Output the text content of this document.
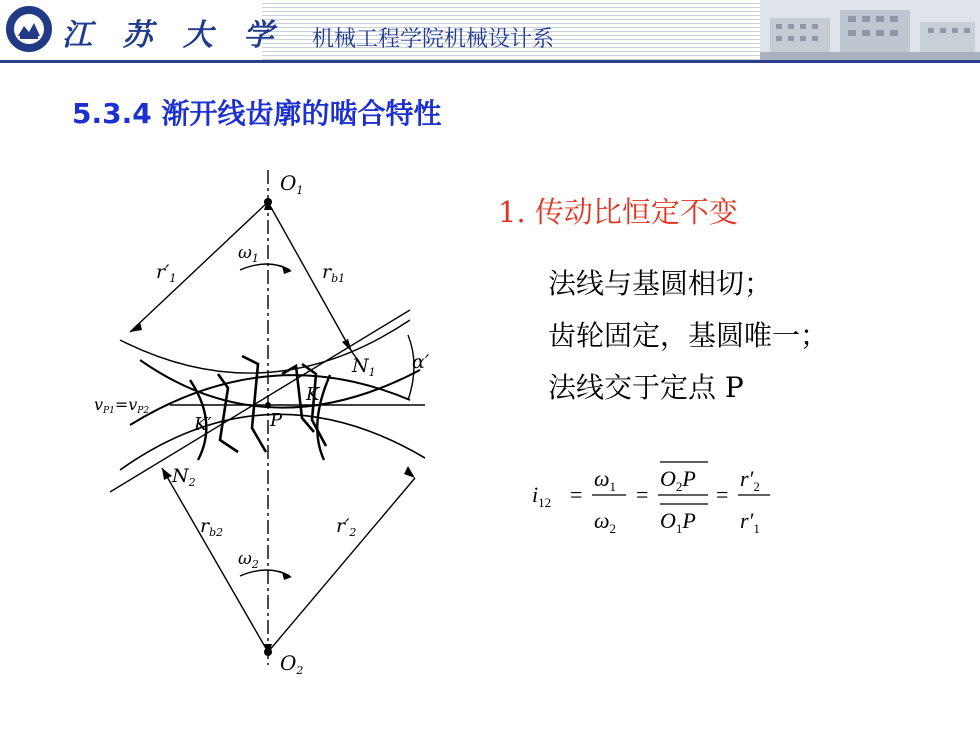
江 苏 大 学 机械工程学院机械设计系
5.3.4 渐开线齿廓的啮合特性
$O_1$
$O_2$
$\omega_1$
$\omega_2$
$r'_1$	$r_{b1}$
$r_{b2}$	$r'_2$
$N_1$
$N_2$
α′
K
K′	P
vP1=vP2
1. 传动比恒定不变
法线与基圆相切；
齿轮固定，基圆唯一；
法线交于定点 P
$i_{12}$ =
$\omega_1$
$\omega_2$
=
$O_2P$
$O_1P$
=
$r'_2$
$r'_1$
